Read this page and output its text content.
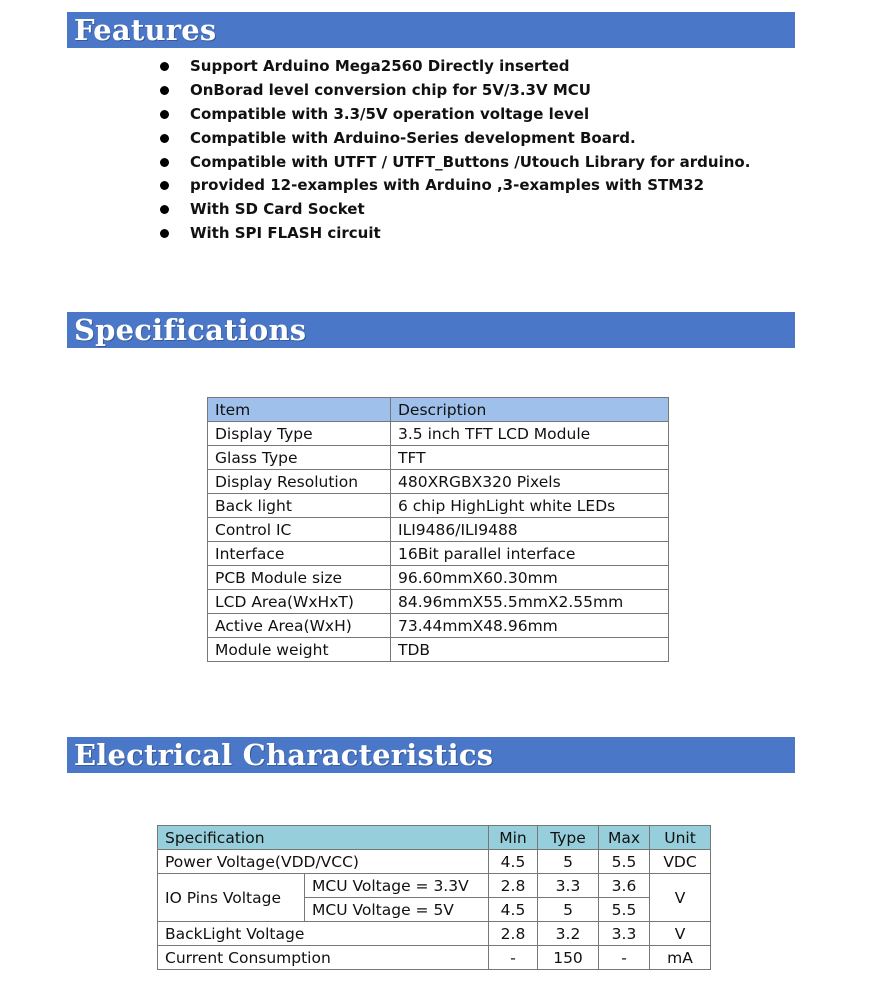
Features
Support Arduino Mega2560 Directly inserted
OnBorad level conversion chip for 5V/3.3V MCU
Compatible with 3.3/5V operation voltage level
Compatible with Arduino-Series development Board.
Compatible with UTFT / UTFT_Buttons /Utouch Library for arduino.
provided 12-examples with Arduino ,3-examples with STM32
With SD Card Socket
With SPI FLASH circuit
Specifications
Item	Description
Display Type	3.5 inch TFT LCD Module
Glass Type	TFT
Display Resolution	480XRGBX320 Pixels
Back light	6 chip HighLight white LEDs
Control IC	ILI9486/ILI9488
Interface	16Bit parallel interface
PCB Module size	96.60mmX60.30mm
LCD Area(WxHxT)	84.96mmX55.5mmX2.55mm
Active Area(WxH)	73.44mmX48.96mm
Module weight	TDB
Electrical Characteristics
Specification		Min	Type	Max	Unit
Power Voltage(VDD/VCC)		4.5	5	5.5	VDC
IO Pins Voltage	MCU Voltage = 3.3V	2.8	3.3	3.6	V
	MCU Voltage = 5V	4.5	5	5.5	
BackLight Voltage		2.8	3.2	3.3	V
Current Consumption		-	150	-	mA
